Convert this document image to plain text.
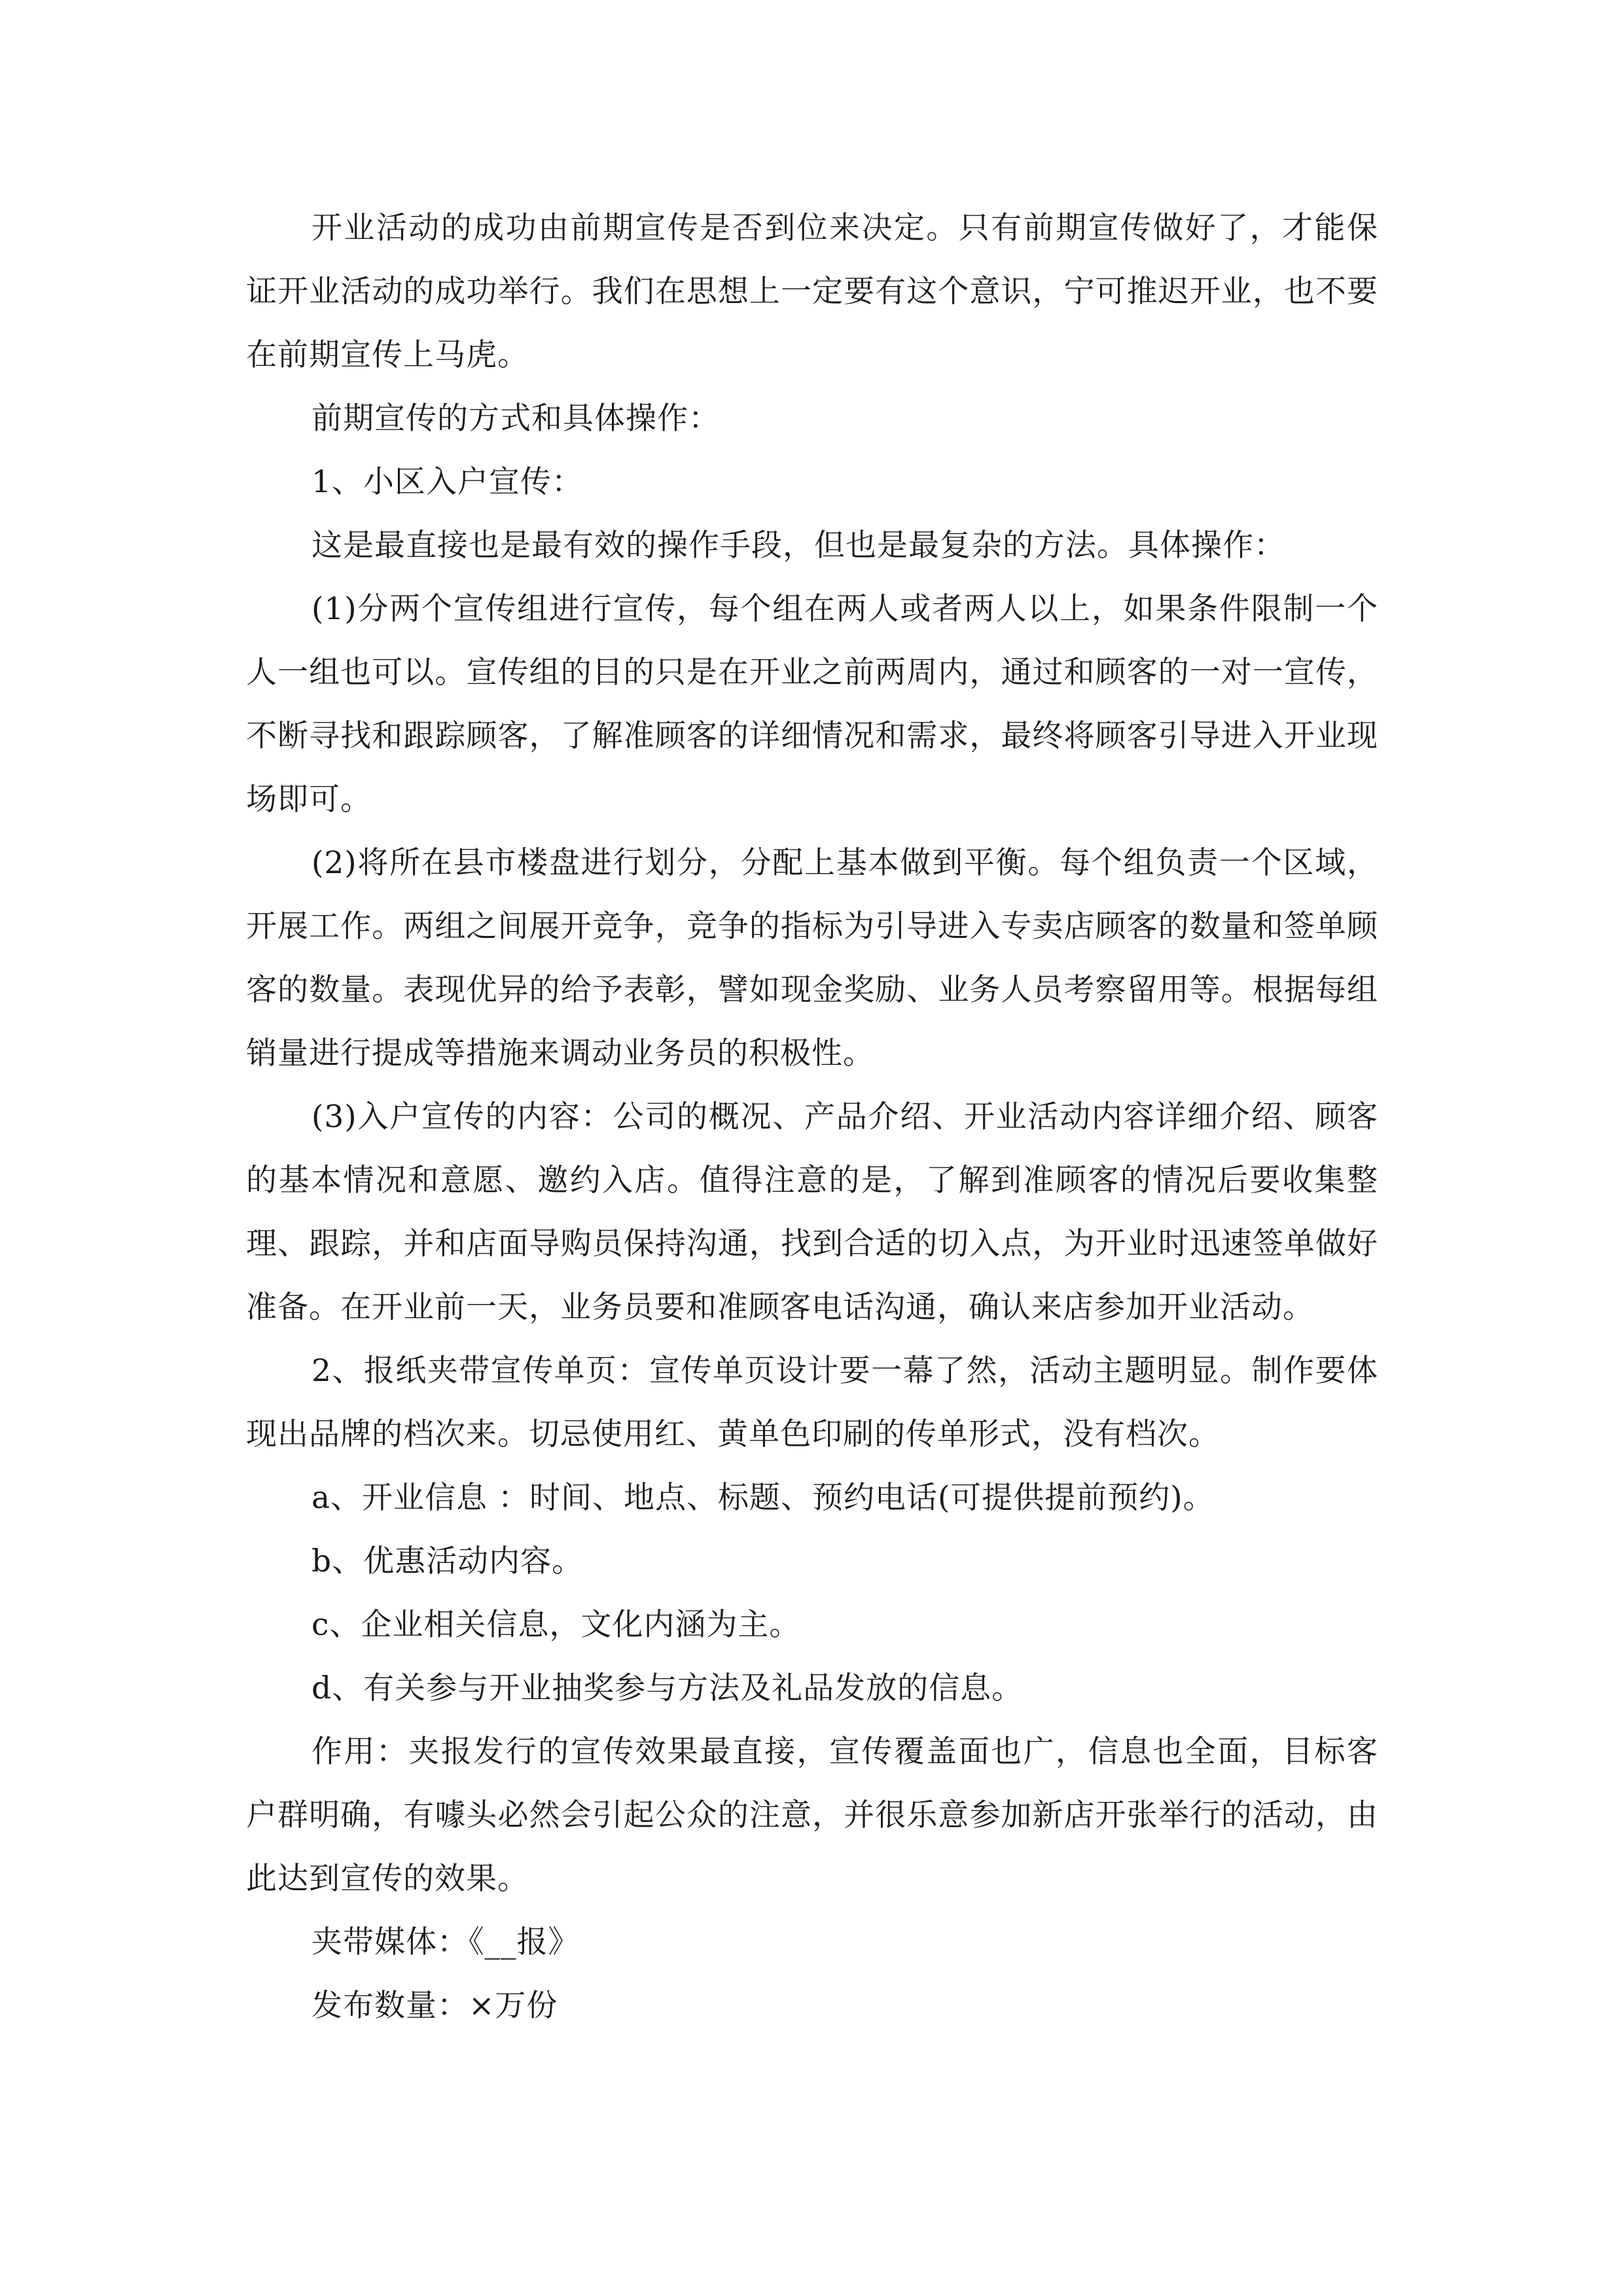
开业活动的成功由前期宣传是否到位来决定。只有前期宣传做好了，才能保证开业活动的成功举行。我们在思想上一定要有这个意识，宁可推迟开业，也不要在前期宣传上马虎。

前期宣传的方式和具体操作：

1、小区入户宣传：

这是最直接也是最有效的操作手段，但也是最复杂的方法。具体操作：

(1)分两个宣传组进行宣传，每个组在两人或者两人以上，如果条件限制一个人一组也可以。宣传组的目的只是在开业之前两周内，通过和顾客的一对一宣传，不断寻找和跟踪顾客，了解准顾客的详细情况和需求，最终将顾客引导进入开业现场即可。

(2)将所在县市楼盘进行划分，分配上基本做到平衡。每个组负责一个区域，开展工作。两组之间展开竞争，竞争的指标为引导进入专卖店顾客的数量和签单顾客的数量。表现优异的给予表彰，譬如现金奖励、业务人员考察留用等。根据每组销量进行提成等措施来调动业务员的积极性。

(3)入户宣传的内容：公司的概况、产品介绍、开业活动内容详细介绍、顾客的基本情况和意愿、邀约入店。值得注意的是，了解到准顾客的情况后要收集整理、跟踪，并和店面导购员保持沟通，找到合适的切入点，为开业时迅速签单做好准备。在开业前一天，业务员要和准顾客电话沟通，确认来店参加开业活动。

2、报纸夹带宣传单页：宣传单页设计要一幕了然，活动主题明显。制作要体现出品牌的档次来。切忌使用红、黄单色印刷的传单形式，没有档次。

a、开业信息 ：时间、地点、标题、预约电话(可提供提前预约)。

b、优惠活动内容。

c、企业相关信息，文化内涵为主。

d、有关参与开业抽奖参与方法及礼品发放的信息。

作用：夹报发行的宣传效果最直接，宣传覆盖面也广，信息也全面，目标客户群明确，有噱头必然会引起公众的注意，并很乐意参加新店开张举行的活动，由此达到宣传的效果。

夹带媒体：《__报》

发布数量：×万份
